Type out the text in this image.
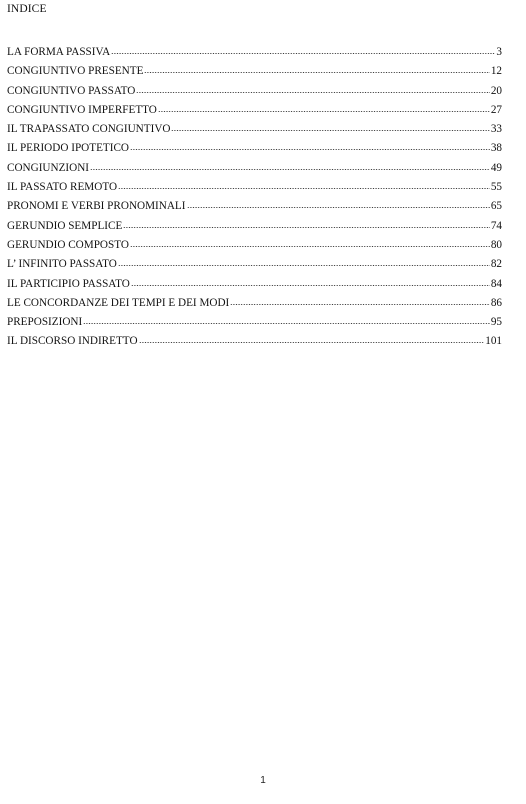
INDICE
LA FORMA PASSIVA	3
CONGIUNTIVO PRESENTE	12
CONGIUNTIVO PASSATO	20
CONGIUNTIVO IMPERFETTO	27
IL TRAPASSATO CONGIUNTIVO	33
IL PERIODO IPOTETICO	38
CONGIUNZIONI	49
IL PASSATO REMOTO	55
PRONOMI E VERBI PRONOMINALI	65
GERUNDIO SEMPLICE	74
GERUNDIO COMPOSTO	80
L’ INFINITO PASSATO	82
IL PARTICIPIO PASSATO	84
LE CONCORDANZE DEI TEMPI E DEI MODI	86
PREPOSIZIONI	95
IL DISCORSO INDIRETTO	101
1
